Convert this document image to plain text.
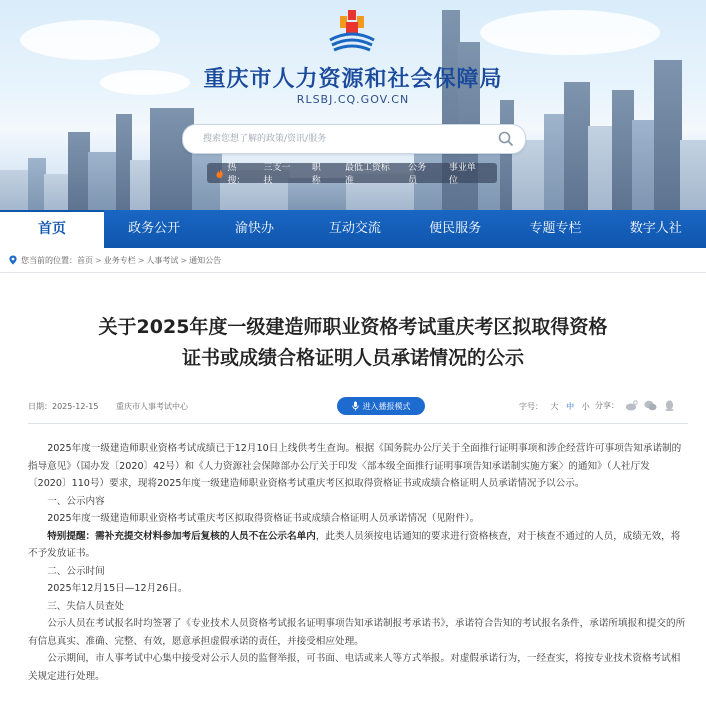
重庆市人力资源和社会保障局
RLSBJ.CQ.GOV.CN
搜索您想了解的政策/资讯/服务
热搜：
三支一扶
职称
最低工资标准
公务员
事业单位
首页	政务公开	渝快办	互动交流	便民服务	专题专栏	数字人社
您当前的位置： 首页 > 业务专栏 > 人事考试 > 通知公告
关于2025年度一级建造师职业资格考试重庆考区拟取得资格
证书或成绩合格证明人员承诺情况的公示
日期：2025-12-15 重庆市人事考试中心	进入播报模式	字号： 大 中 小 分享：

2025年度一级建造师职业资格考试成绩已于12月10日上线供考生查询。根据《国务院办公厅关于全面推行证明事项和涉企经营许可事项告知承诺制的指导意见》（国办发〔2020〕42号）和《人力资源社会保障部办公厅关于印发〈部本级全面推行证明事项告知承诺制实施方案〉的通知》（人社厅发〔2020〕110号）要求，现将2025年度一级建造师职业资格考试重庆考区拟取得资格证书或成绩合格证明人员承诺情况予以公示。

一、公示内容

2025年度一级建造师职业资格考试重庆考区拟取得资格证书或成绩合格证明人员承诺情况（见附件）。

特别提醒：需补充提交材料参加考后复核的人员不在公示名单内，此类人员须按电话通知的要求进行资格核查，对于核查不通过的人员，成绩无效，将不予发放证书。

二、公示时间

2025年12月15日—12月26日。

三、失信人员查处

公示人员在考试报名时均签署了《专业技术人员资格考试报名证明事项告知承诺制报考承诺书》，承诺符合告知的考试报名条件，承诺所填报和提交的所有信息真实、准确、完整、有效，愿意承担虚假承诺的责任，并接受相应处理。

公示期间，市人事考试中心集中接受对公示人员的监督举报，可书面、电话或来人等方式举报。对虚假承诺行为，一经查实，将按专业技术资格考试相关规定进行处理。
